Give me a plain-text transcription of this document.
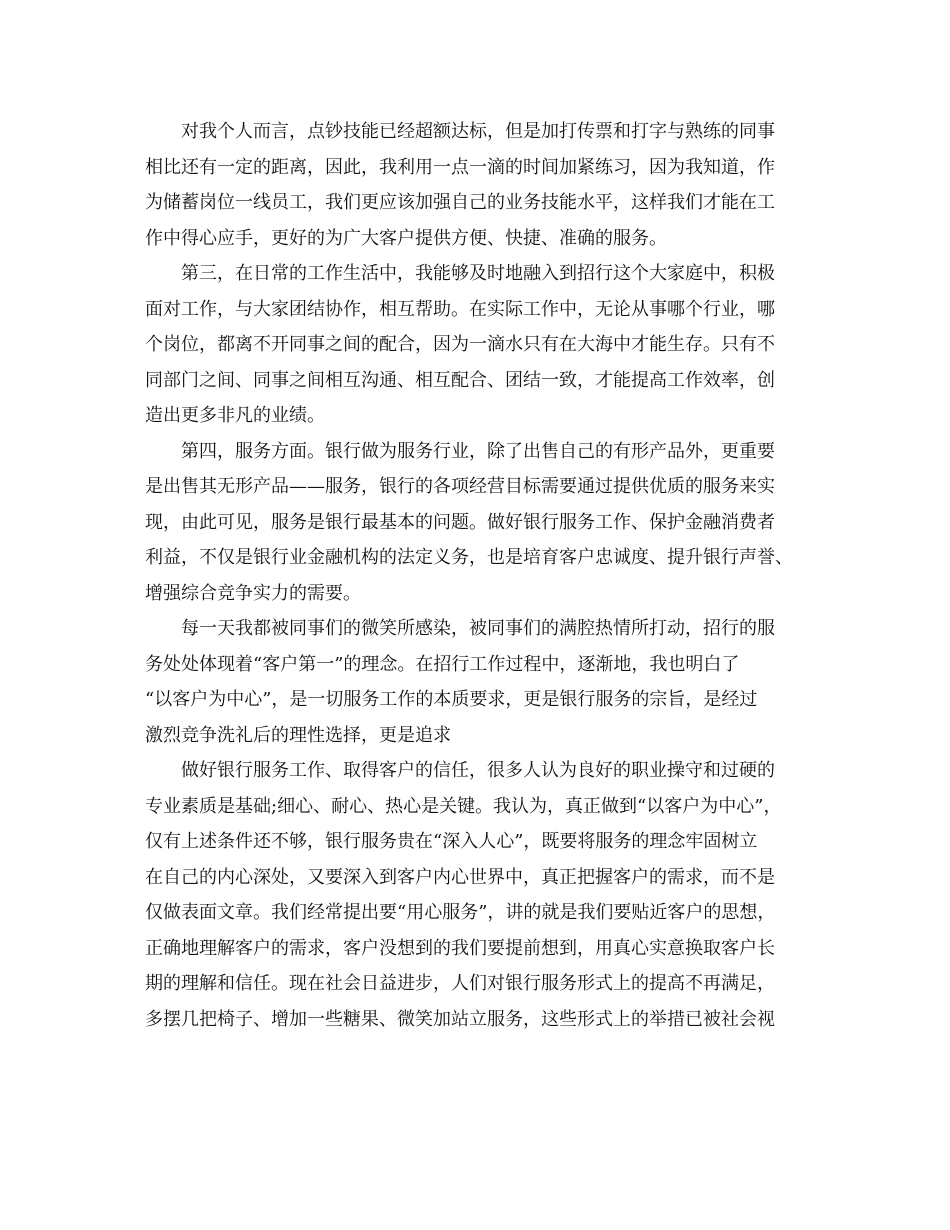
　　对我个人而言，点钞技能已经超额达标，但是加打传票和打字与熟练的同事
相比还有一定的距离，因此，我利用一点一滴的时间加紧练习，因为我知道，作
为储蓄岗位一线员工，我们更应该加强自己的业务技能水平，这样我们才能在工
作中得心应手，更好的为广大客户提供方便、快捷、准确的服务。
　　第三，在日常的工作生活中，我能够及时地融入到招行这个大家庭中，积极
面对工作，与大家团结协作，相互帮助。在实际工作中，无论从事哪个行业，哪
个岗位，都离不开同事之间的配合，因为一滴水只有在大海中才能生存。只有不
同部门之间、同事之间相互沟通、相互配合、团结一致，才能提高工作效率，创
造出更多非凡的业绩。
　　第四，服务方面。银行做为服务行业，除了出售自己的有形产品外，更重要
是出售其无形产品——服务，银行的各项经营目标需要通过提供优质的服务来实
现，由此可见，服务是银行最基本的问题。做好银行服务工作、保护金融消费者
利益，不仅是银行业金融机构的法定义务，也是培育客户忠诚度、提升银行声誉、
增强综合竞争实力的需要。
　　每一天我都被同事们的微笑所感染，被同事们的满腔热情所打动，招行的服
务处处体现着“客户第一”的理念。在招行工作过程中，逐渐地，我也明白了
“以客户为中心”，是一切服务工作的本质要求，更是银行服务的宗旨，是经过
激烈竞争洗礼后的理性选择，更是追求
　　做好银行服务工作、取得客户的信任，很多人认为良好的职业操守和过硬的
专业素质是基础;细心、耐心、热心是关键。我认为，真正做到“以客户为中心”，
仅有上述条件还不够，银行服务贵在“深入人心”，既要将服务的理念牢固树立
在自己的内心深处，又要深入到客户内心世界中，真正把握客户的需求，而不是
仅做表面文章。我们经常提出要“用心服务”，讲的就是我们要贴近客户的思想，
正确地理解客户的需求，客户没想到的我们要提前想到，用真心实意换取客户长
期的理解和信任。现在社会日益进步，人们对银行服务形式上的提高不再满足，
多摆几把椅子、增加一些糖果、微笑加站立服务，这些形式上的举措已被社会视
